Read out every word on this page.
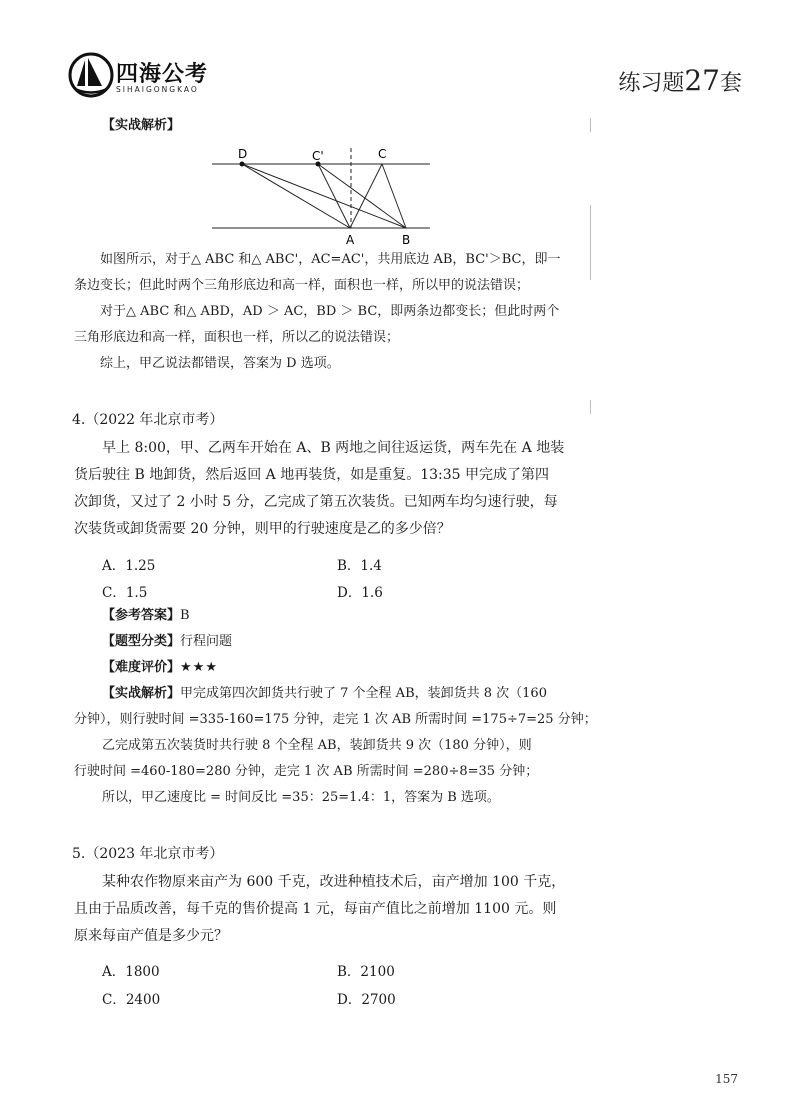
四海公考
SIHAIGONGKAO	练习题27套
【实战解析】
D	C'	C
A	B
如图所示，对于△ ABC 和△ ABC'，AC=AC'，共用底边 AB，BC'＞BC，即一
条边变长；但此时两个三角形底边和高一样，面积也一样，所以甲的说法错误；
对于△ ABC 和△ ABD，AD ＞ AC，BD ＞ BC，即两条边都变长；但此时两个
三角形底边和高一样，面积也一样，所以乙的说法错误；
综上，甲乙说法都错误，答案为 D 选项。
4.（2022 年北京市考）
早上 8:00，甲、乙两车开始在 A、B 两地之间往返运货，两车先在 A 地装
货后驶往 B 地卸货，然后返回 A 地再装货，如是重复。13:35 甲完成了第四
次卸货，又过了 2 小时 5 分，乙完成了第五次装货。已知两车均匀速行驶，每
次装货或卸货需要 20 分钟，则甲的行驶速度是乙的多少倍？
A．1.25	B．1.4
C．1.5	D．1.6
【参考答案】B
【题型分类】行程问题
【难度评价】★★★
【实战解析】甲完成第四次卸货共行驶了 7 个全程 AB，装卸货共 8 次（160
分钟），则行驶时间 =335-160=175 分钟，走完 1 次 AB 所需时间 =175÷7=25 分钟；
乙完成第五次装货时共行驶 8 个全程 AB，装卸货共 9 次（180 分钟），则
行驶时间 =460-180=280 分钟，走完 1 次 AB 所需时间 =280÷8=35 分钟；
所以，甲乙速度比 = 时间反比 =35：25=1.4：1，答案为 B 选项。
5.（2023 年北京市考）
某种农作物原来亩产为 600 千克，改进种植技术后，亩产增加 100 千克，
且由于品质改善，每千克的售价提高 1 元，每亩产值比之前增加 1100 元。则
原来每亩产值是多少元？
A．1800	B．2100
C．2400	D．2700
157
